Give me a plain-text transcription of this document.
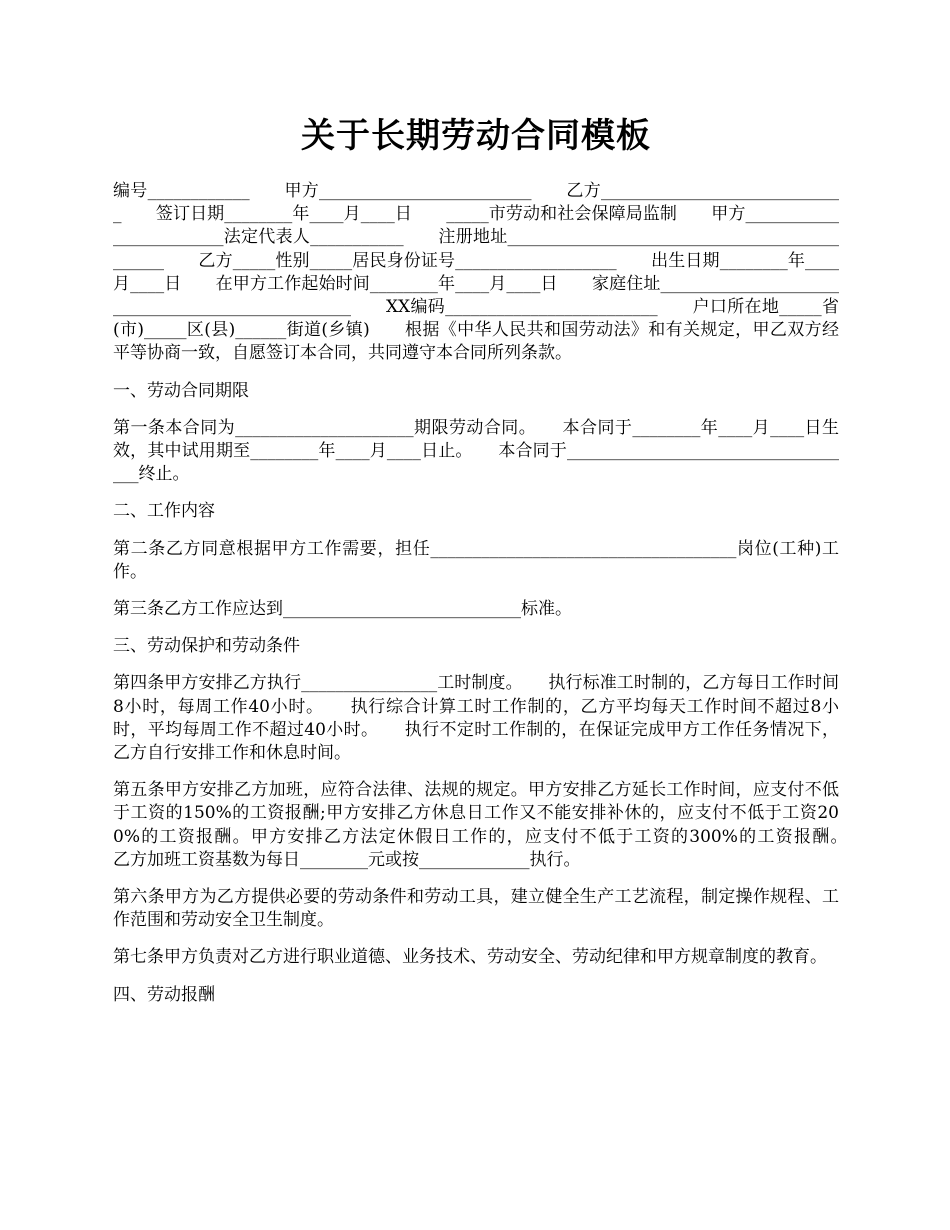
关于长期劳动合同模板

编号____________　　甲方_________________________　　乙方_____________________________　　签订日期________年____月____日　　_____市劳动和社会保障局监制　　甲方________________________法定代表人___________　　注册地址_____________________________________________　　乙方_____性别_____居民身份证号___________________　　出生日期________年____月____日　　在甲方工作起始时间________年____月____日　　家庭住址_________________________________________________　　XX编码_________________________　　户口所在地_____省(市)_____区(县)______街道(乡镇)　　根据《中华人民共和国劳动法》和有关规定，甲乙双方经平等协商一致，自愿签订本合同，共同遵守本合同所列条款。

一、劳动合同期限

第一条本合同为_____________________期限劳动合同。　　本合同于________年____月____日生效，其中试用期至________年____月____日止。　　本合同于___________________________________终止。

二、工作内容

第二条乙方同意根据甲方工作需要，担任____________________________________岗位(工种)工作。

第三条乙方工作应达到____________________________标准。

三、劳动保护和劳动条件

第四条甲方安排乙方执行________________工时制度。　　执行标准工时制的，乙方每日工作时间8小时，每周工作40小时。　　执行综合计算工时工作制的，乙方平均每天工作时间不超过8小时，平均每周工作不超过40小时。　　执行不定时工作制的，在保证完成甲方工作任务情况下，乙方自行安排工作和休息时间。

第五条甲方安排乙方加班，应符合法律、法规的规定。甲方安排乙方延长工作时间，应支付不低于工资的150%的工资报酬;甲方安排乙方休息日工作又不能安排补休的，应支付不低于工资200%的工资报酬。甲方安排乙方法定休假日工作的，应支付不低于工资的300%的工资报酬。　　乙方加班工资基数为每日________元或按_____________执行。

第六条甲方为乙方提供必要的劳动条件和劳动工具，建立健全生产工艺流程，制定操作规程、工作范围和劳动安全卫生制度。

第七条甲方负责对乙方进行职业道德、业务技术、劳动安全、劳动纪律和甲方规章制度的教育。

四、劳动报酬
